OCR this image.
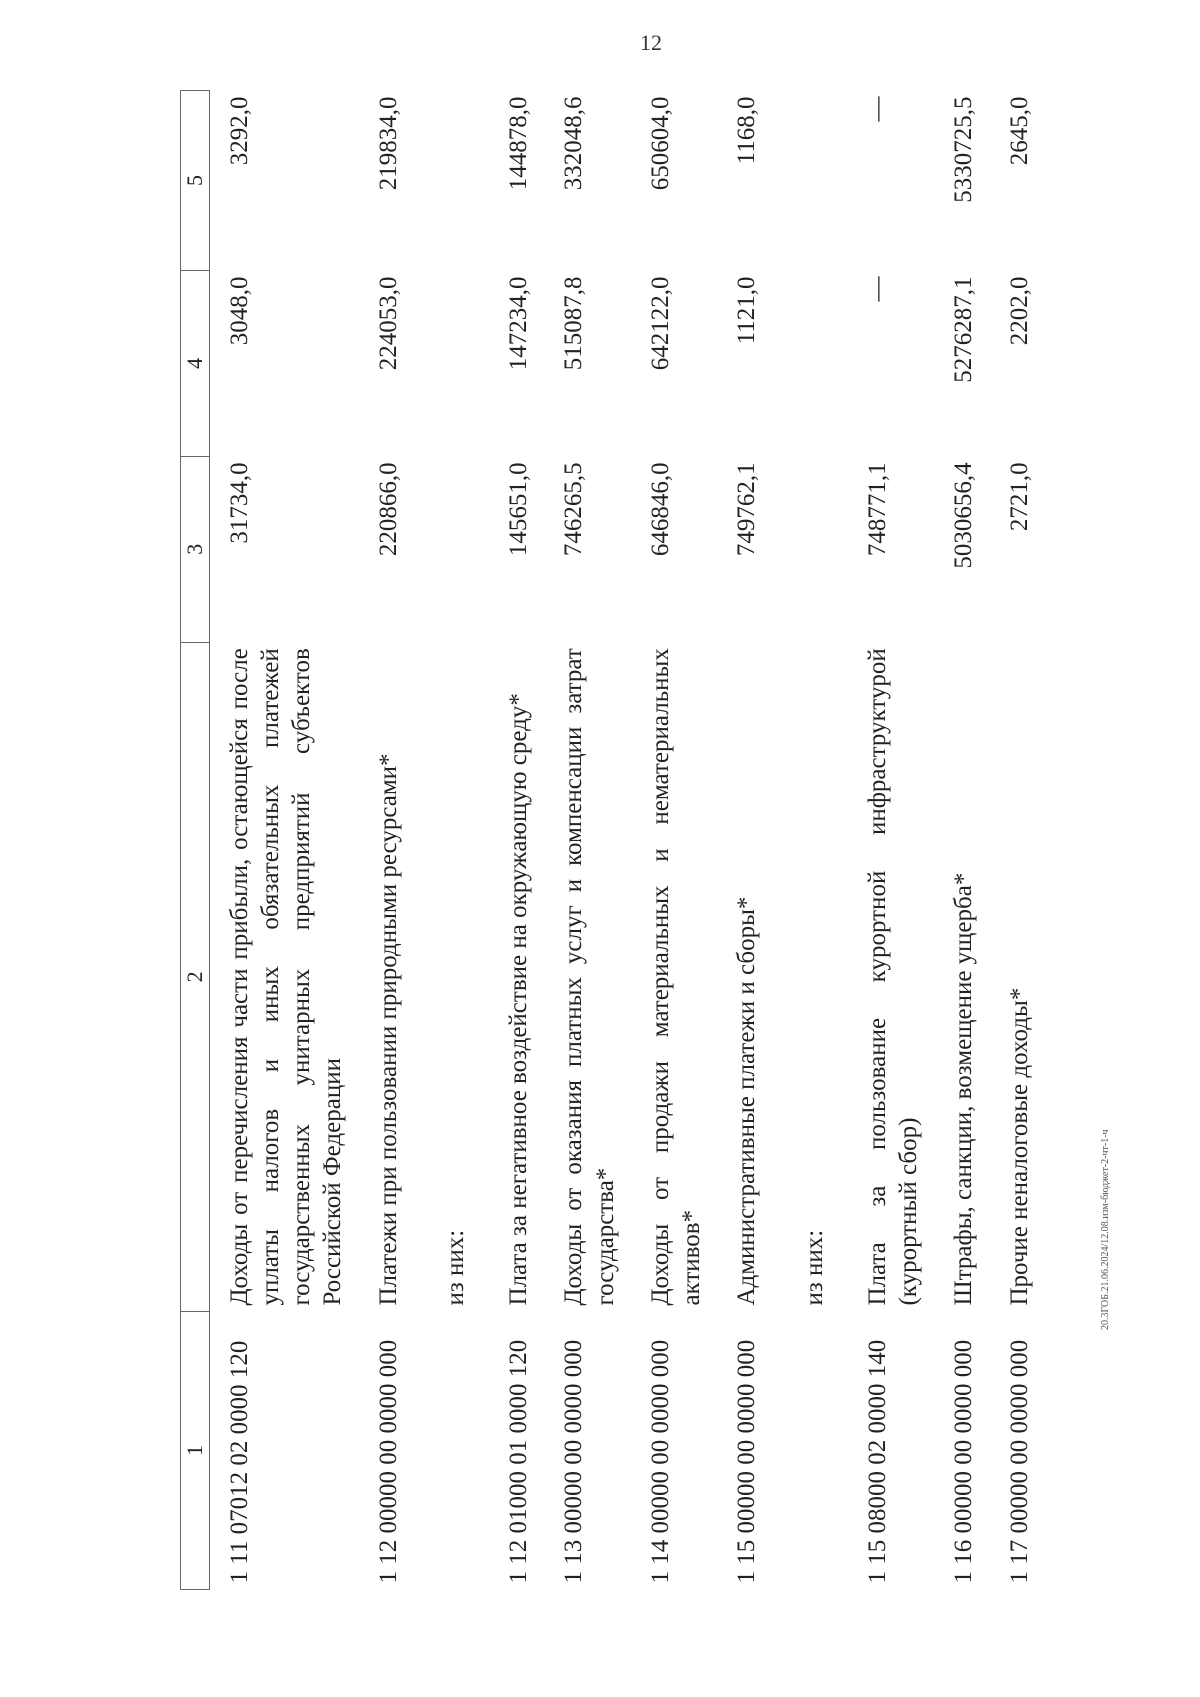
12
20.3ГОБ.21.06.2024/12.08.изм-бюджет-2-чт-1-ч
1	2	3	4	5
1 11 07012 02 0000 120	Доходы от перечисления части прибыли, остающейся после уплаты налогов и иных обязательных платежей государственных унитарных предприятий субъектов Российской Федерации	31734,0	3048,0	3292,0
1 12 00000 00 0000 000	Платежи при пользовании природными ресурсами*	220866,0	224053,0	219834,0
	из них:			
1 12 01000 01 0000 120	Плата за негативное воздействие на окружающую среду*	145651,0	147234,0	144878,0
1 13 00000 00 0000 000	Доходы от оказания платных услуг и компенсации затрат государства*	746265,5	515087,8	332048,6
1 14 00000 00 0000 000	Доходы от продажи материальных и нематериальных активов*	646846,0	642122,0	650604,0
1 15 00000 00 0000 000	Административные платежи и сборы*	749762,1	1121,0	1168,0
	из них:			
1 15 08000 02 0000 140	Плата за пользование курортной инфраструктурой (курортный сбор)	748771,1	—	—
1 16 00000 00 0000 000	Штрафы, санкции, возмещение ущерба*	5030656,4	5276287,1	5330725,5
1 17 00000 00 0000 000	Прочие неналоговые доходы*	2721,0	2202,0	2645,0
